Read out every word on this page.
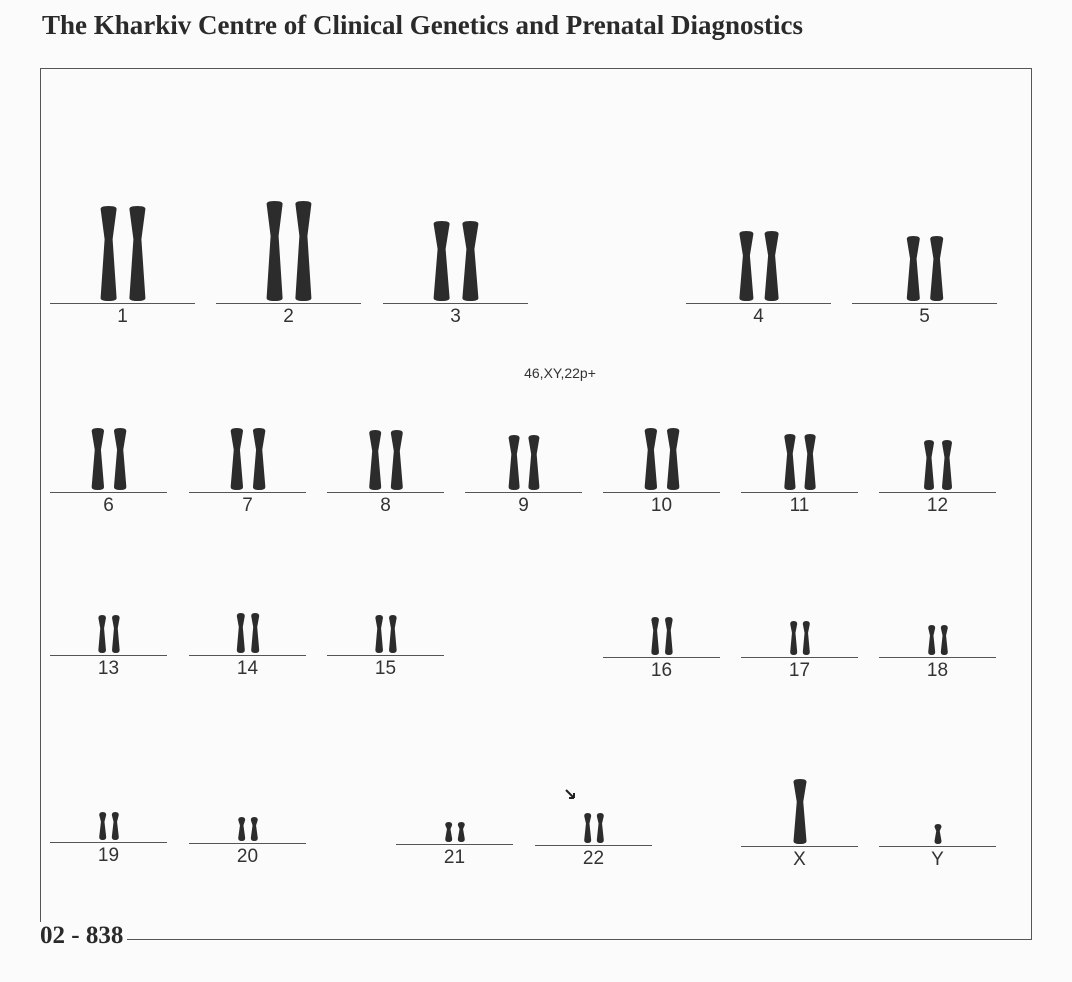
The Kharkiv Centre of Clinical Genetics and Prenatal Diagnostics
46,XY,22p+
1	2	3	4	5
6	7	8	9	10	11	12
13	14	15	16	17	18
19	20	21	22	X	Y
02 - 838
